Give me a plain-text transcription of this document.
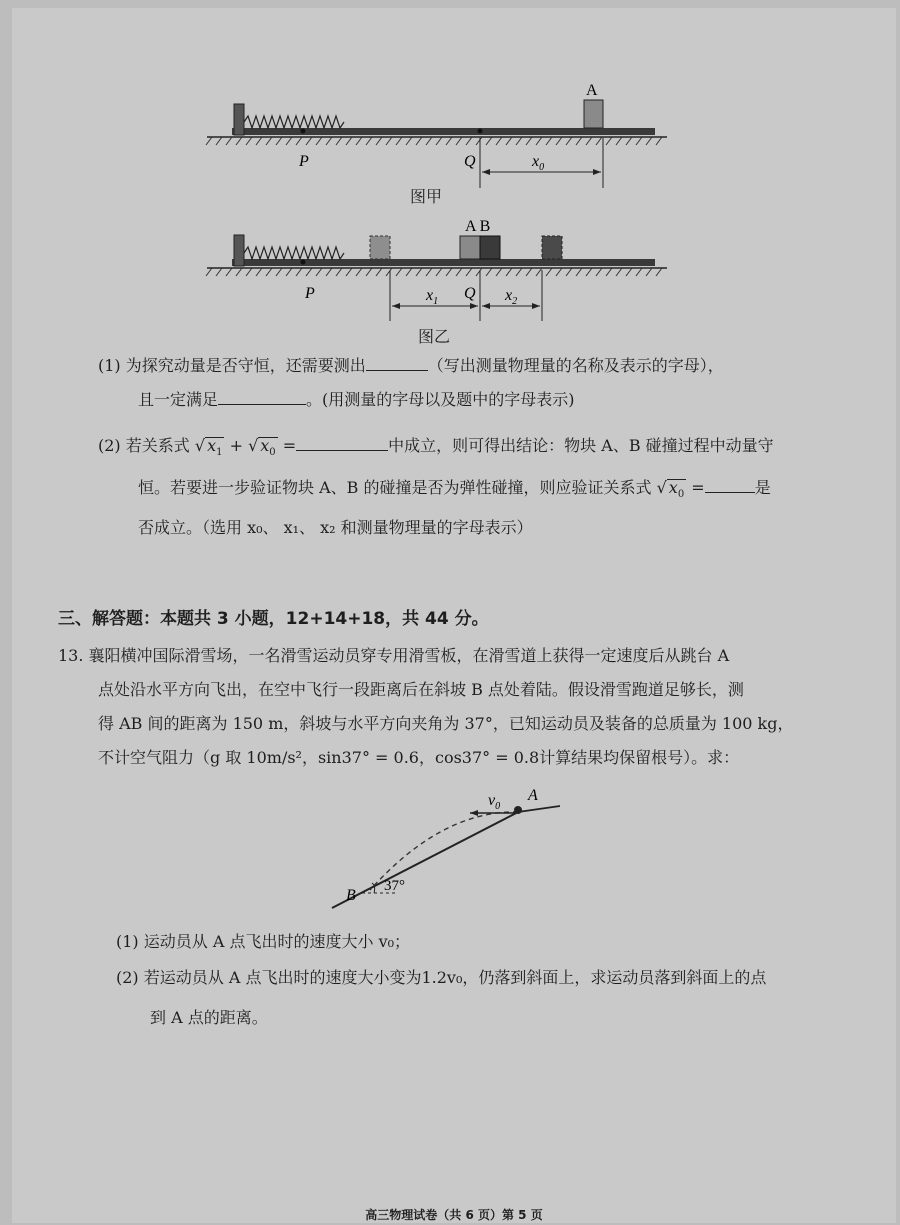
A
P	Q	$x_0$
图甲
A B
P	Q
$x_1$	$x_2$
图乙
(1) 为探究动量是否守恒，还需要测出	（写出测量物理量的名称及表示的字母），
且一定满足	。(用测量的字母以及题中的字母表示)
(2) 若关系式 √ $x_1$ + √ $x_0$ =	中成立，则可得出结论：物块 A、B 碰撞过程中动量守
恒。若要进一步验证物块 A、B 的碰撞是否为弹性碰撞，则应验证关系式 √ $x_0$ =	是
否成立。（选用 x₀、 x₁、 x₂ 和测量物理量的字母表示）
三、解答题：本题共 3 小题，12+14+18，共 44 分。
13. 襄阳横冲国际滑雪场，一名滑雪运动员穿专用滑雪板，在滑雪道上获得一定速度后从跳台 A
点处沿水平方向飞出，在空中飞行一段距离后在斜坡 B 点处着陆。假设滑雪跑道足够长，测
得 AB 间的距离为 150 m，斜坡与水平方向夹角为 37°，已知运动员及装备的总质量为 100 kg，
不计空气阻力（g 取 10m/s²，sin37° = 0.6，cos37° = 0.8计算结果均保留根号）。求：
$v_0$
A
B
37°
(1) 运动员从 A 点飞出时的速度大小 v₀；
(2) 若运动员从 A 点飞出时的速度大小变为1.2v₀，仍落到斜面上，求运动员落到斜面上的点
到 A 点的距离。
高三物理试卷（共 6 页）第 5 页
